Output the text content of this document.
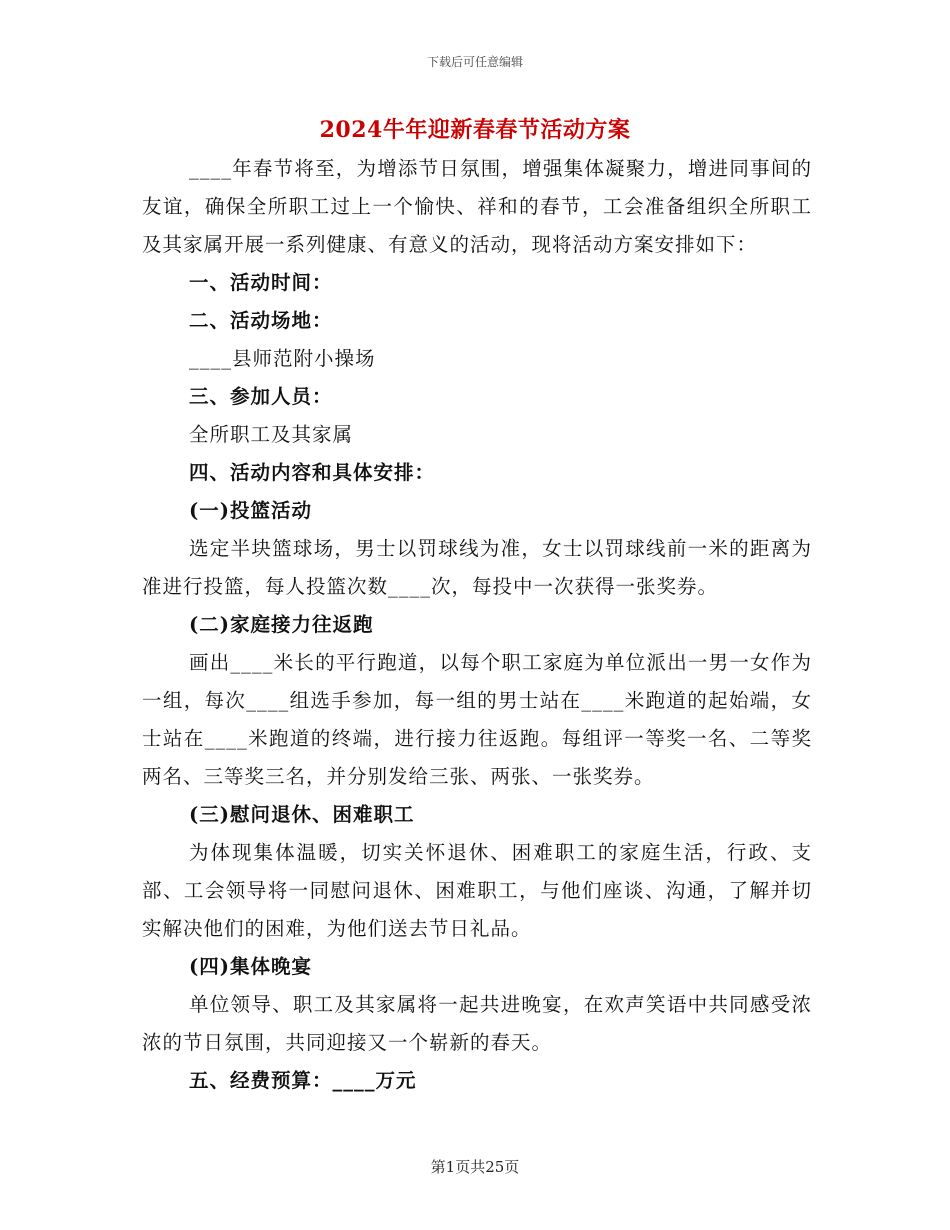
下载后可任意编辑
2024牛年迎新春春节活动方案

____年春节将至，为增添节日氛围，增强集体凝聚力，增进同事间的友谊，确保全所职工过上一个愉快、祥和的春节，工会准备组织全所职工及其家属开展一系列健康、有意义的活动，现将活动方案安排如下：

一、活动时间：

二、活动场地：

____县师范附小操场

三、参加人员：

全所职工及其家属

四、活动内容和具体安排：

(一)投篮活动

选定半块篮球场，男士以罚球线为准，女士以罚球线前一米的距离为准进行投篮，每人投篮次数____次，每投中一次获得一张奖券。

(二)家庭接力往返跑

画出____米长的平行跑道，以每个职工家庭为单位派出一男一女作为一组，每次____组选手参加，每一组的男士站在____米跑道的起始端，女士站在____米跑道的终端，进行接力往返跑。每组评一等奖一名、二等奖两名、三等奖三名，并分别发给三张、两张、一张奖券。

(三)慰问退休、困难职工

为体现集体温暖，切实关怀退休、困难职工的家庭生活，行政、支部、工会领导将一同慰问退休、困难职工，与他们座谈、沟通，了解并切实解决他们的困难，为他们送去节日礼品。

(四)集体晚宴

单位领导、职工及其家属将一起共进晚宴，在欢声笑语中共同感受浓浓的节日氛围，共同迎接又一个崭新的春天。

五、经费预算：____万元

第1页共25页
